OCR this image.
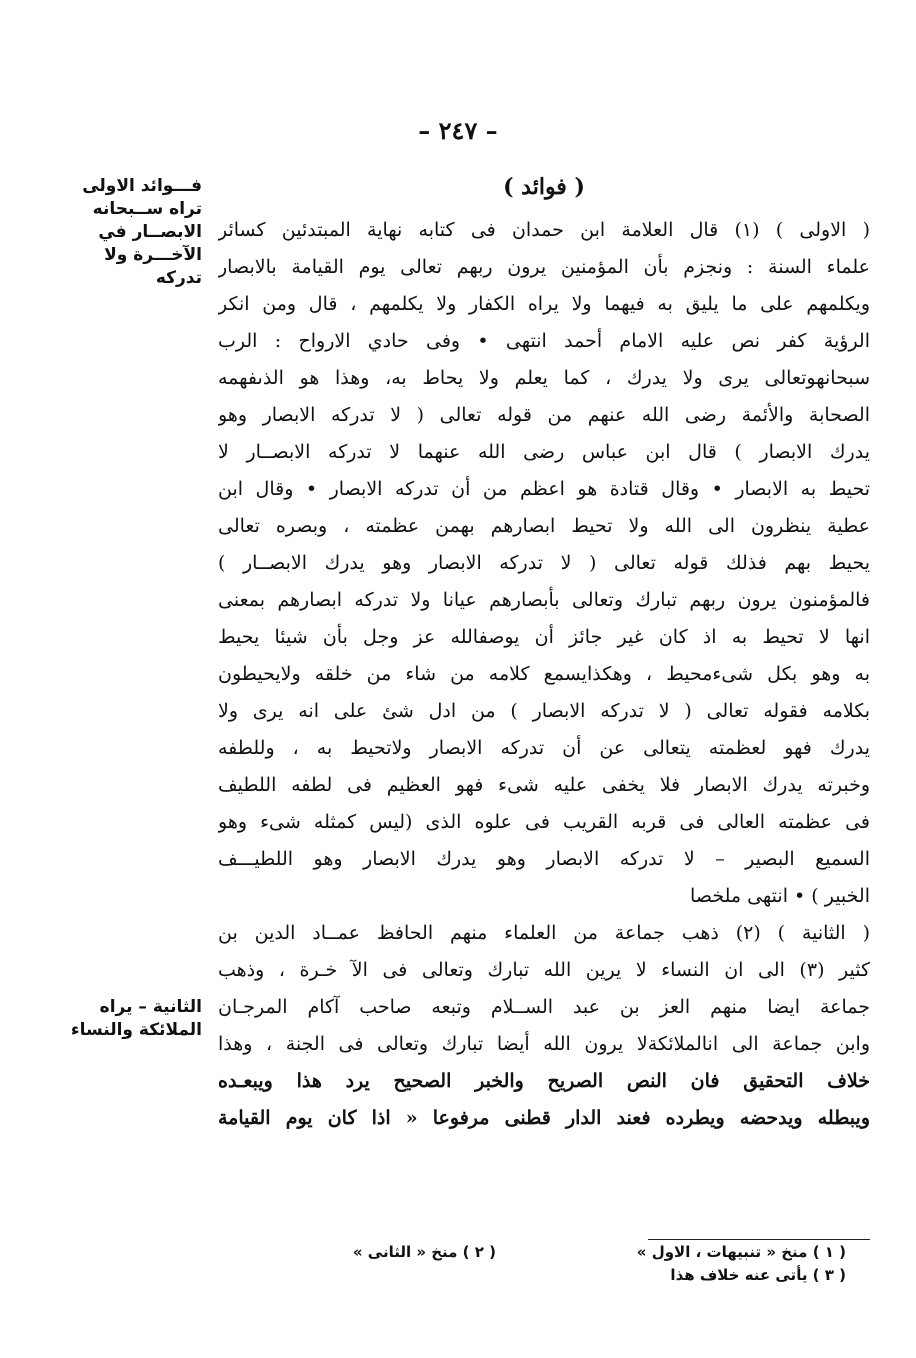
– ٢٤٧ –
( فوائد )
فـــوائد الاولى
تراه ســبحانه
الابصــار في
الآخـــرة ولا
تدركه
الثانية – يراه
الملائكة والنساء
( الاولى ) (١) قال العلامة ابن حمدان فى كتابه نهاية المبتدئين كسائر
علماء السنة : ونجزم بأن المؤمنين يرون ربهم تعالى يوم القيامة بالابصار
ويكلمهم على ما يليق به فيهما ولا يراه الكفار ولا يكلمهم ، قال ومن انكر
الرؤية كفر نص عليه الامام أحمد انتهى • وفى حادي الارواح : الرب
سبحانهوتعالى يرى ولا يدرك ، كما يعلم ولا يحاط به، وهذا هو الذىفهمه
الصحابة والأئمة رضى الله عنهم من قوله تعالى ( لا تدركه الابصار وهو
يدرك الابصار ) قال ابن عباس رضى الله عنهما لا تدركه الابصــار لا
تحيط به الابصار • وقال قتادة هو اعظم من أن تدركه الابصار • وقال ابن
عطية ينظرون الى الله ولا تحيط ابصارهم بهمن عظمته ، وبصره تعالى
يحيط بهم فذلك قوله تعالى ( لا تدركه الابصار وهو يدرك الابصــار )
فالمؤمنون يرون ربهم تبارك وتعالى بأبصارهم عيانا ولا تدركه ابصارهم بمعنى
انها لا تحيط به اذ كان غير جائز أن يوصفالله عز وجل بأن شيئا يحيط
به وهو بكل شىءمحيط ، وهكذايسمع كلامه من شاء من خلقه ولايحيطون
بكلامه فقوله تعالى ( لا تدركه الابصار ) من ادل شئ على انه يرى ولا
يدرك فهو لعظمته يتعالى عن أن تدركه الابصار ولاتحيط به ، وللطفه
وخبرته يدرك الابصار فلا يخفى عليه شىء فهو العظيم فى لطفه اللطيف
فى عظمته العالى فى قربه القريب فى علوه الذى (ليس كمثله شىء وهو
السميع البصير – لا تدركه الابصار وهو يدرك الابصار وهو اللطيـــف
الخبير ) • انتهى ملخصا
( الثانية ) (٢) ذهب جماعة من العلماء منهم الحافظ عمــاد الدين بن
كثير (٣) الى ان النساء لا يرين الله تبارك وتعالى فى الآ خـرة ، وذهب
جماعة ايضا منهم العز بن عبد الســلام وتبعه صاحب آكام المرجـان
وابن جماعة الى انالملائكةلا يرون الله أيضا تبارك وتعالى فى الجنة ، وهذا
خلاف التحقيق فان النص الصريح والخبر الصحيح يرد هذا ويبعـده
ويبطله ويدحضه ويطرده فعند الدار قطنى مرفوعا « اذا كان يوم القيامة
( ١ ) منخ « تنبيهات ، الاول »
( ٢ ) منخ « الثانى »
( ٣ ) يأتى عنه خلاف هذا
